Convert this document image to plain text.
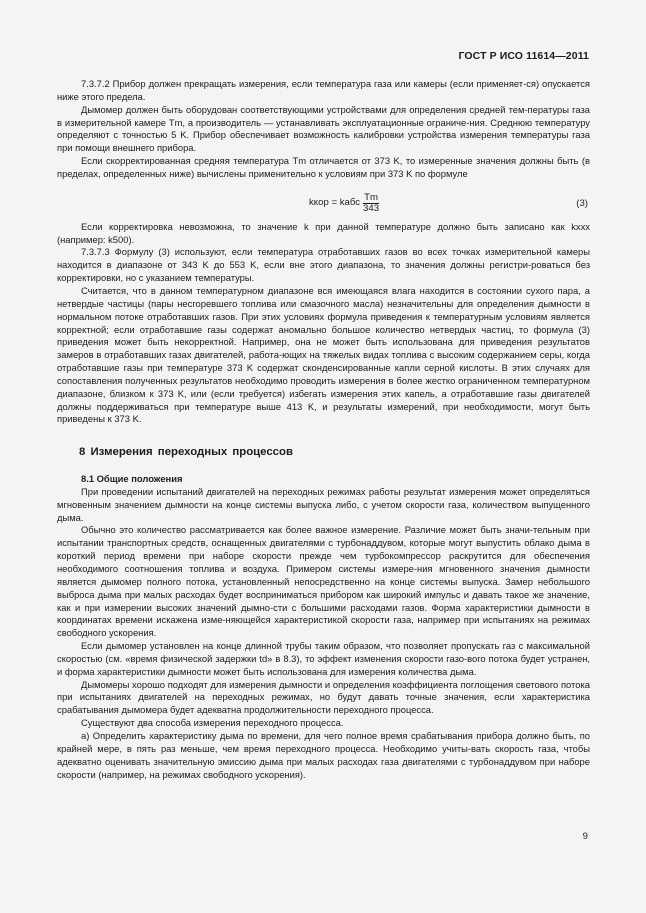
ГОСТ Р ИСО 11614—2011

7.3.7.2 Прибор должен прекращать измерения, если температура газа или камеры (если применяет-ся) опускается ниже этого предела.

Дымомер должен быть оборудован соответствующими устройствами для определения средней тем-пературы газа в измерительной камере Tm, а производитель — устанавливать эксплуатационные ограниче-ния. Среднюю температуру определяют с точностью 5 K. Прибор обеспечивает возможность калибровки устройства измерения температуры газа при помощи внешнего прибора.

Если скорректированная средняя температура Tm отличается от 373 K, то измеренные значения должны быть (в пределах, определенных ниже) вычислены применительно к условиям при 373 K по формуле

kкор = kабс $\frac{Tm}{343}$	(3)

Если корректировка невозможна, то значение k при данной температуре должно быть записано как kxxx (например: k500).

7.3.7.3 Формулу (3) используют, если температура отработавших газов во всех точках измерительной камеры находится в диапазоне от 343 K до 553 K, если вне этого диапазона, то значения должны регистри-роваться без корректировки, но с указанием температуры.

Считается, что в данном температурном диапазоне вся имеющаяся влага находится в состоянии сухого пара, а нетвердые частицы (пары несгоревшего топлива или смазочного масла) незначительны для определения дымности в нормальном потоке отработавших газов. При этих условиях формула приведения к температурным условиям является корректной; если отработавшие газы содержат аномально большое количество нетвердых частиц, то формула (3) приведения может быть некорректной. Например, она не может быть использована для приведения результатов замеров в отработавших газах двигателей, работа-ющих на тяжелых видах топлива с высоким содержанием серы, когда отработавшие газы при температуре 373 K содержат сконденсированные капли серной кислоты. В этих случаях для сопоставления полученных результатов необходимо проводить измерения в более жестко ограниченном температурном диапазоне, близком к 373 K, или (если требуется) избегать измерения этих капель, а отработавшие газы двигателей должны поддерживаться при температуре выше 413 K, и результаты измерений, при необходимости, могут быть приведены к 373 K.

8 Измерения переходных процессов
8.1 Общие положения

При проведении испытаний двигателей на переходных режимах работы результат измерения может определяться мгновенным значением дымности на конце системы выпуска либо, с учетом скорости газа, количеством выпущенного дыма.

Обычно это количество рассматривается как более важное измерение. Различие может быть значи-тельным при испытании транспортных средств, оснащенных двигателями с турбонаддувом, которые могут выпустить облако дыма в короткий период времени при наборе скорости прежде чем турбокомпрессор раскрутится для обеспечения необходимого соотношения топлива и воздуха. Примером системы измере-ния мгновенного значения дымности является дымомер полного потока, установленный непосредственно на конце системы выпуска. Замер небольшого выброса дыма при малых расходах будет восприниматься прибором как широкий импульс и давать такое же значение, как и при измерении высоких значений дымно-сти с большими расходами газов. Форма характеристики дымности в координатах времени искажена изме-няющейся характеристикой скорости газа, например при испытаниях на режимах свободного ускорения.

Если дымомер установлен на конце длинной трубы таким образом, что позволяет пропускать газ с максимальной скоростью (см. «время физической задержки td» в 8.3), то эффект изменения скорости газо-вого потока будет устранен, и форма характеристики дымности может быть использована для измерения количества дыма.

Дымомеры хорошо подходят для измерения дымности и определения коэффициента поглощения светового потока при испытаниях двигателей на переходных режимах, но будут давать точные значения, если характеристика срабатывания дымомера будет адекватна продолжительности переходного процесса.

Существуют два способа измерения переходного процесса.

а) Определить характеристику дыма по времени, для чего полное время срабатывания прибора должно быть, по крайней мере, в пять раз меньше, чем время переходного процесса. Необходимо учиты-вать скорость газа, чтобы адекватно оценивать значительную эмиссию дыма при малых расходах газа двигателями с турбонаддувом при наборе скорости (например, на режимах свободного ускорения).

9
